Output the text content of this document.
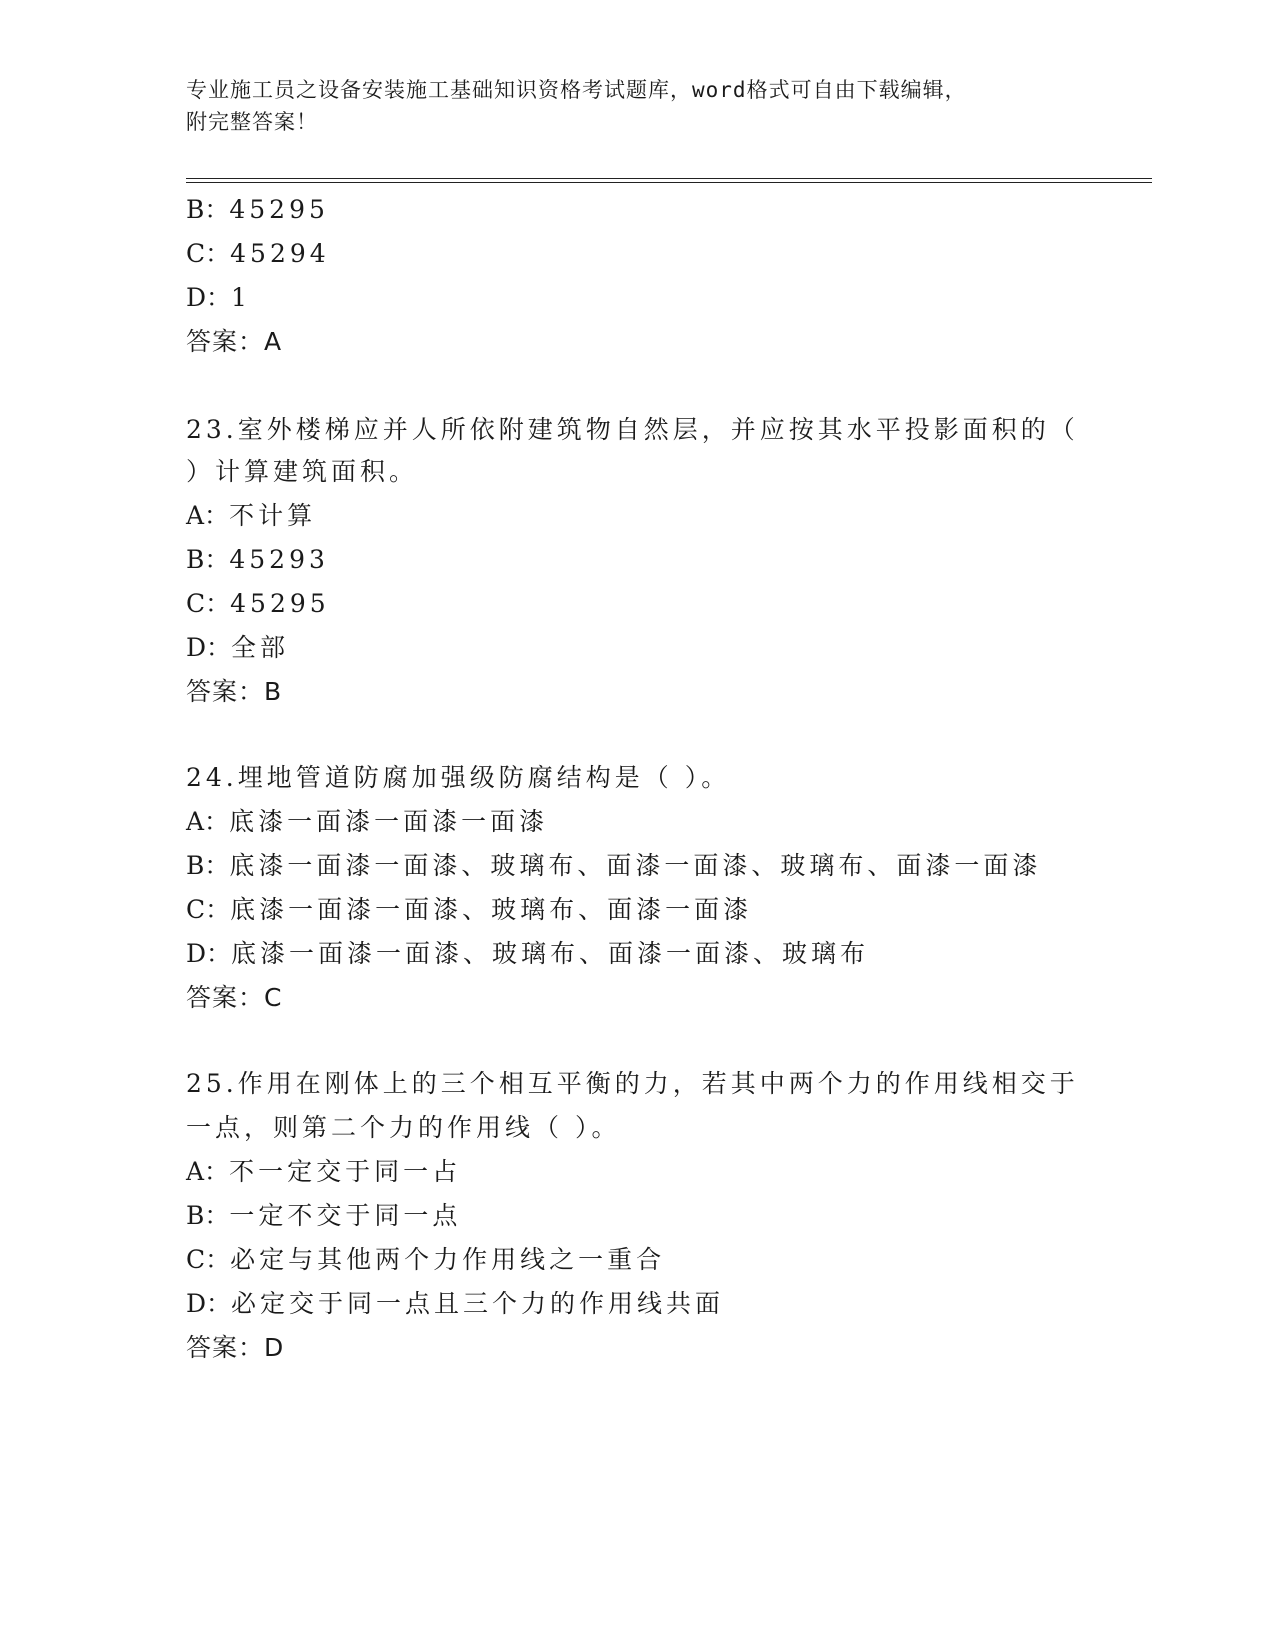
专业施工员之设备安装施工基础知识资格考试题库，word格式可自由下载编辑，
附完整答案！
B：45295
C：45294
D：1
答案：A
23.室外楼梯应并人所依附建筑物自然层，并应按其水平投影面积的（
）计算建筑面积。
A：不计算
B：45293
C：45295
D：全部
答案：B
24.埋地管道防腐加强级防腐结构是（ ）。
A：底漆一面漆一面漆一面漆
B：底漆一面漆一面漆、玻璃布、面漆一面漆、玻璃布、面漆一面漆
C：底漆一面漆一面漆、玻璃布、面漆一面漆
D：底漆一面漆一面漆、玻璃布、面漆一面漆、玻璃布
答案：C
25.作用在刚体上的三个相互平衡的力，若其中两个力的作用线相交于
一点，则第二个力的作用线（ ）。
A：不一定交于同一占
B：一定不交于同一点
C：必定与其他两个力作用线之一重合
D：必定交于同一点且三个力的作用线共面
答案：D
